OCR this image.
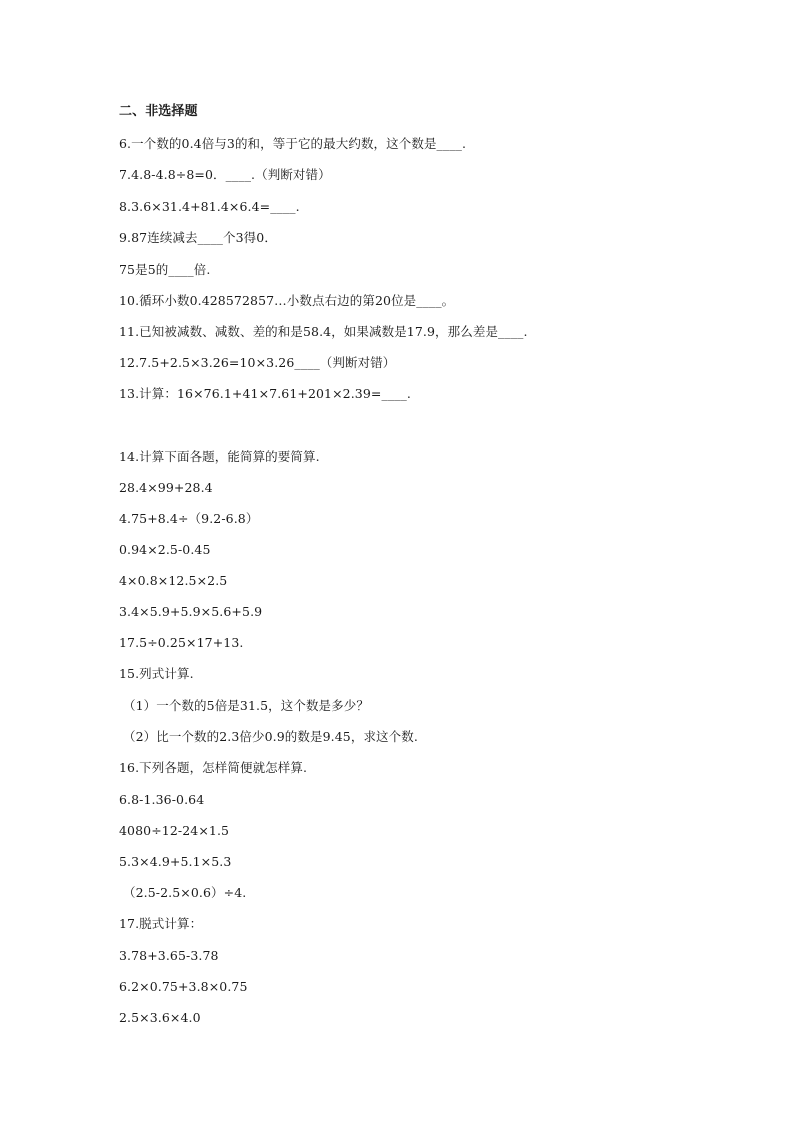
二、非选择题
6.一个数的0.4倍与3的和，等于它的最大约数，这个数是____.
7.4.8-4.8÷8=0．____.（判断对错）
8.3.6×31.4+81.4×6.4=____.
9.87连续减去____个3得0．
75是5的____倍.
10.循环小数0.428572857…小数点右边的第20位是____。
11.已知被减数、减数、差的和是58.4，如果减数是17.9，那么差是____.
12.7.5+2.5×3.26=10×3.26____（判断对错）
13.计算：16×76.1+41×7.61+201×2.39=____.
14.计算下面各题，能简算的要简算.
28.4×99+28.4
4.75+8.4÷（9.2-6.8）
0.94×2.5-0.45
4×0.8×12.5×2.5
3.4×5.9+5.9×5.6+5.9
17.5÷0.25×17+13.
15.列式计算.
（1）一个数的5倍是31.5，这个数是多少？
（2）比一个数的2.3倍少0.9的数是9.45，求这个数.
16.下列各题，怎样简便就怎样算.
6.8-1.36-0.64
4080÷12-24×1.5
5.3×4.9+5.1×5.3
（2.5-2.5×0.6）÷4.
17.脱式计算：
3.78+3.65-3.78
6.2×0.75+3.8×0.75
2.5×3.6×4.0
